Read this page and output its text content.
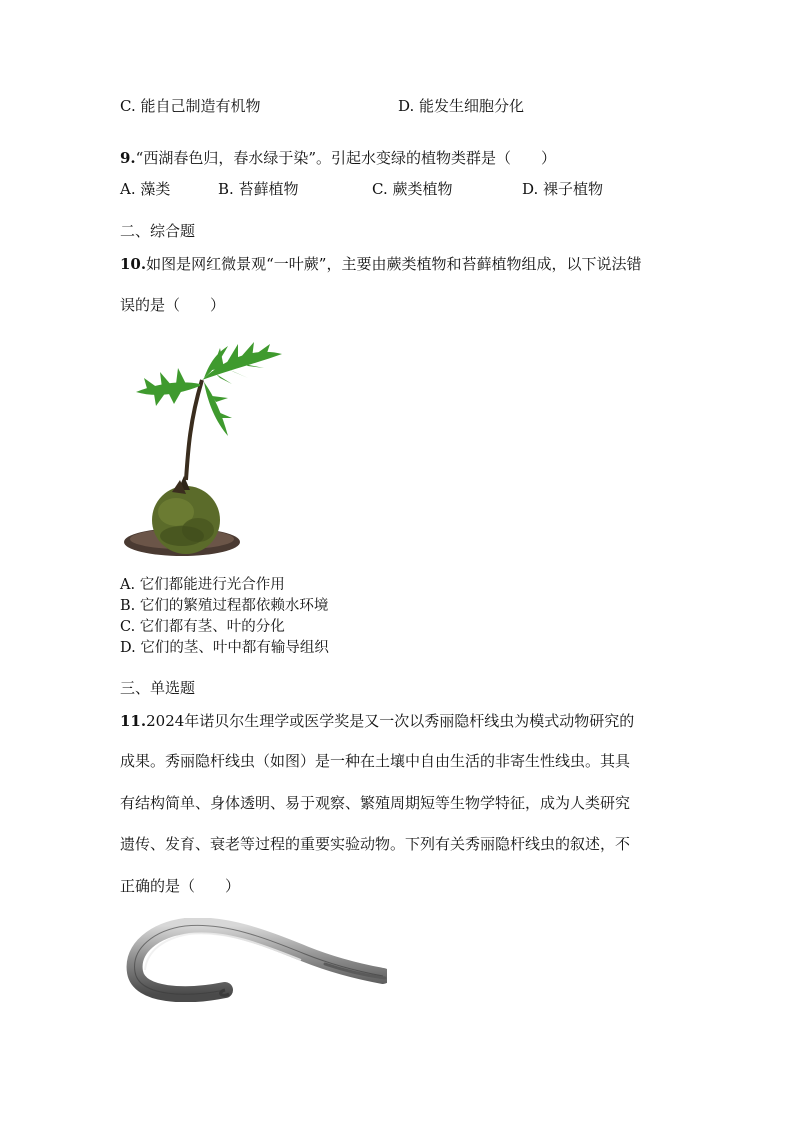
C. 能自己制造有机物	D. 能发生细胞分化
9.“西湖春色归，春水绿于染”。引起水变绿的植物类群是（　　）
A. 藻类	B. 苔藓植物	C. 蕨类植物	D. 裸子植物
二、综合题
10.如图是网红微景观“一叶蕨”，主要由蕨类植物和苔藓植物组成，以下说法错
误的是（　　）
A. 它们都能进行光合作用
B. 它们的繁殖过程都依赖水环境
C. 它们都有茎、叶的分化
D. 它们的茎、叶中都有输导组织
三、单选题
11.2024年诺贝尔生理学或医学奖是又一次以秀丽隐杆线虫为模式动物研究的
成果。秀丽隐杆线虫（如图）是一种在土壤中自由生活的非寄生性线虫。其具
有结构简单、身体透明、易于观察、繁殖周期短等生物学特征，成为人类研究
遗传、发育、衰老等过程的重要实验动物。下列有关秀丽隐杆线虫的叙述，不
正确的是（　　）
